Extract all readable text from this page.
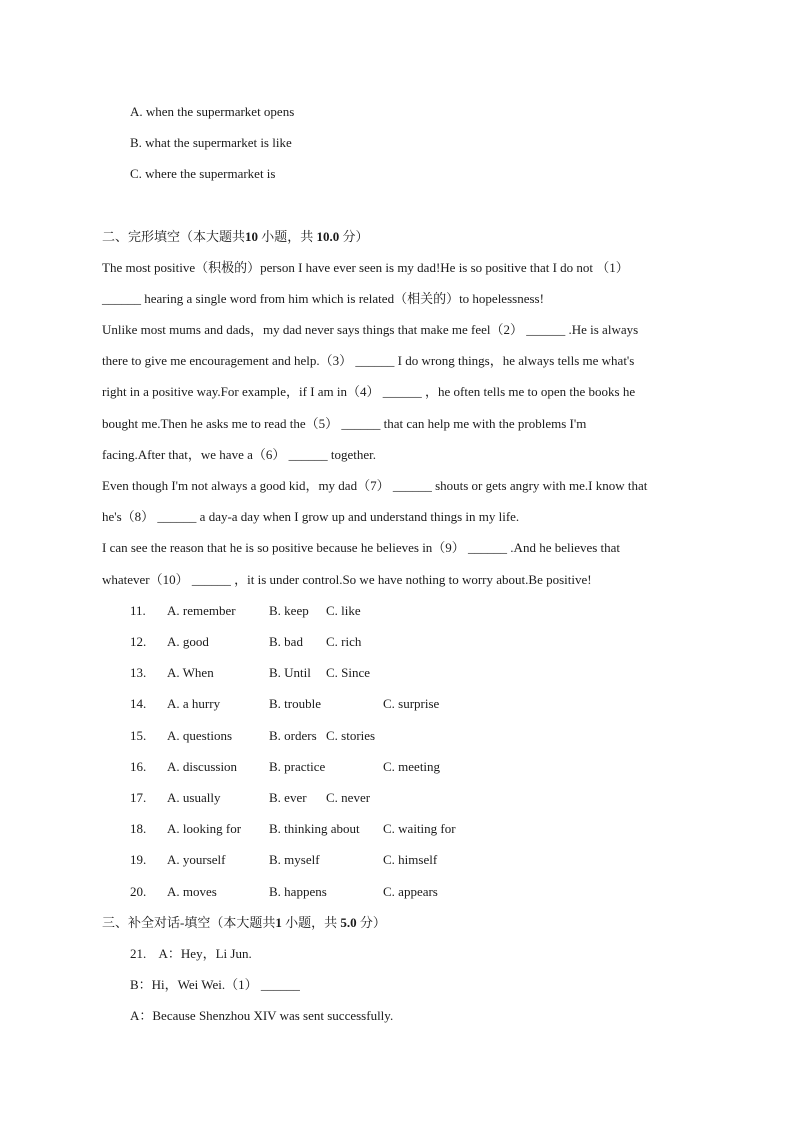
A. when the supermarket opens
B. what the supermarket is like
C. where the supermarket is
二、完形填空（本大题共10 小题，共 10.0 分）
The most positive（积极的）person I have ever seen is my dad!He is so positive that I do not （1）
______ hearing a single word from him which is related（相关的）to hopelessness!
Unlike most mums and dads，my dad never says things that make me feel（2） ______ .He is always
there to give me encouragement and help.（3） ______ I do wrong things，he always tells me what's
right in a positive way.For example，if I am in（4） ______ ，he often tells me to open the books he
bought me.Then he asks me to read the（5） ______ that can help me with the problems I'm
facing.After that，we have a（6） ______ together.
Even though I'm not always a good kid，my dad（7） ______ shouts or gets angry with me.I know that
he's（8） ______ a day-a day when I grow up and understand things in my life.
I can see the reason that he is so positive because he believes in（9） ______ .And he believes that
whatever（10） ______ ，it is under control.So we have nothing to worry about.Be positive!
11. A. remember	B. keep C. like
12. A. good	B. bad C. rich
13. A. When	B. Until C. Since
14. A. a hurry	B. trouble	C. surprise
15. A. questions	B. orders C. stories
16. A. discussion B. practice	C. meeting
17. A. usually	B. ever C. never
18. A. looking for B. thinking about C. waiting for
19. A. yourself	B. myself	C. himself
20. A. moves	B. happens	C. appears
三、补全对话-填空（本大题共1 小题，共 5.0 分）
21.    A：Hey，Li Jun.
B：Hi，Wei Wei.（1） ______
A：Because Shenzhou XIV was sent successfully.
